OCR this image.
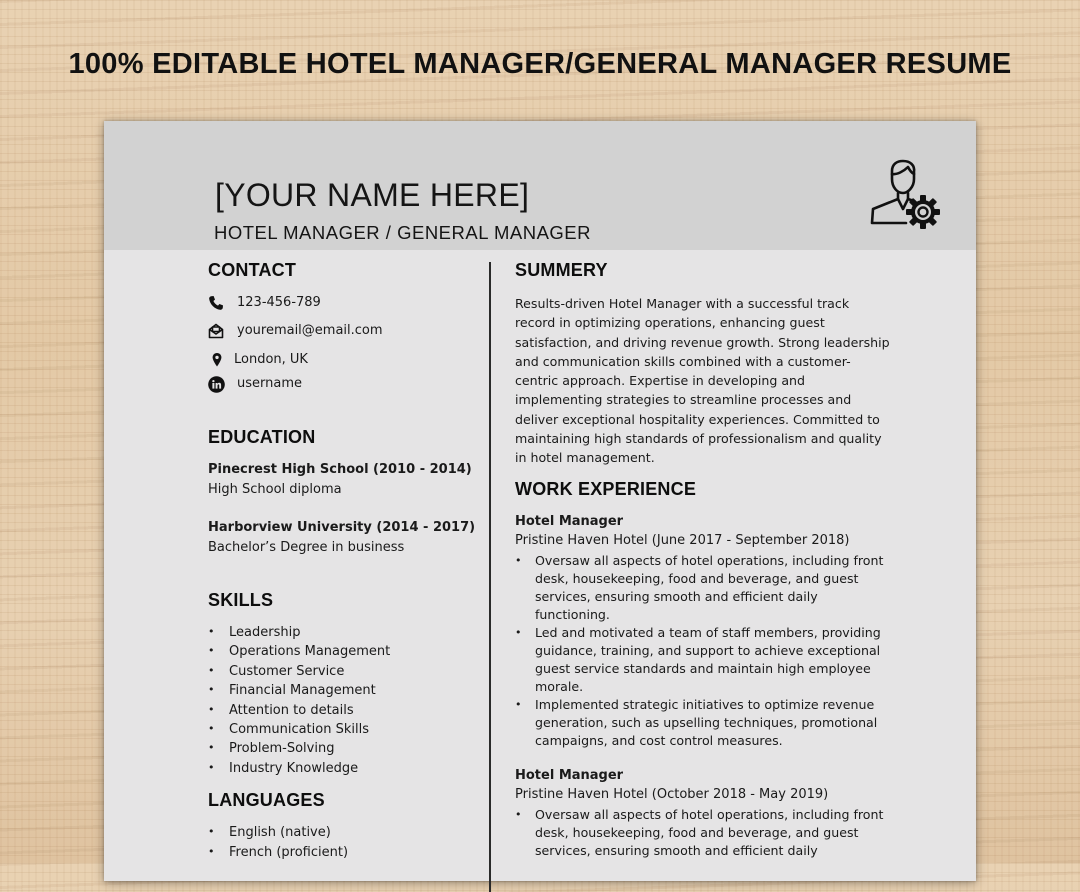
100% EDITABLE HOTEL MANAGER/GENERAL MANAGER RESUME
[YOUR NAME HERE]
HOTEL MANAGER / GENERAL MANAGER
CONTACT
123-456-789
youremail@email.com
London, UK
username
EDUCATION
Pinecrest High School (2010 - 2014)
High School diploma
Harborview University (2014 - 2017)
Bachelor’s Degree in business
SKILLS
• Leadership
• Operations Management
• Customer Service
• Financial Management
• Attention to details
• Communication Skills
• Problem-Solving
• Industry Knowledge
LANGUAGES
• English (native)
• French (proficient)
SUMMERY
Results-driven Hotel Manager with a successful track
record in optimizing operations, enhancing guest
satisfaction, and driving revenue growth. Strong leadership
and communication skills combined with a customer-
centric approach. Expertise in developing and
implementing strategies to streamline processes and
deliver exceptional hospitality experiences. Committed to
maintaining high standards of professionalism and quality
in hotel management.
WORK EXPERIENCE
Hotel Manager
Pristine Haven Hotel (June 2017 - September 2018)
• Oversaw all aspects of hotel operations, including front
desk, housekeeping, food and beverage, and guest
services, ensuring smooth and efficient daily
functioning.
• Led and motivated a team of staff members, providing
guidance, training, and support to achieve exceptional
guest service standards and maintain high employee
morale.
• Implemented strategic initiatives to optimize revenue
generation, such as upselling techniques, promotional
campaigns, and cost control measures.
Hotel Manager
Pristine Haven Hotel (October 2018 - May 2019)
• Oversaw all aspects of hotel operations, including front
desk, housekeeping, food and beverage, and guest
services, ensuring smooth and efficient daily
